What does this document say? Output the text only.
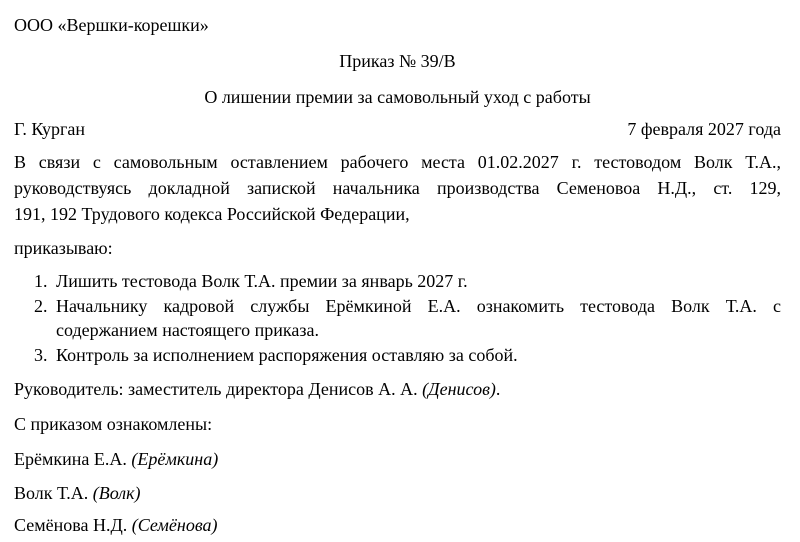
ООО «Вершки-корешки»
Приказ № 39/В
О лишении премии за самовольный уход с работы
Г. Курган	7 февраля 2027 года
В связи с самовольным оставлением рабочего места 01.02.2027 г. тестоводом Волк Т.А.,
руководствуясь докладной запиской начальника производства Семеновоа Н.Д., ст. 129,
191, 192 Трудового кодекса Российской Федерации,
приказываю:
1. Лишить тестовода Волк Т.А. премии за январь 2027 г.
2. Начальнику кадровой службы Ерёмкиной Е.А. ознакомить тестовода Волк Т.А. с
содержанием настоящего приказа.
3. Контроль за исполнением распоряжения оставляю за собой.
Руководитель: заместитель директора Денисов А. А. (Денисов).
С приказом ознакомлены:
Ерёмкина Е.А. (Ерёмкина)
Волк Т.А. (Волк)
Семёнова Н.Д. (Семёнова)
